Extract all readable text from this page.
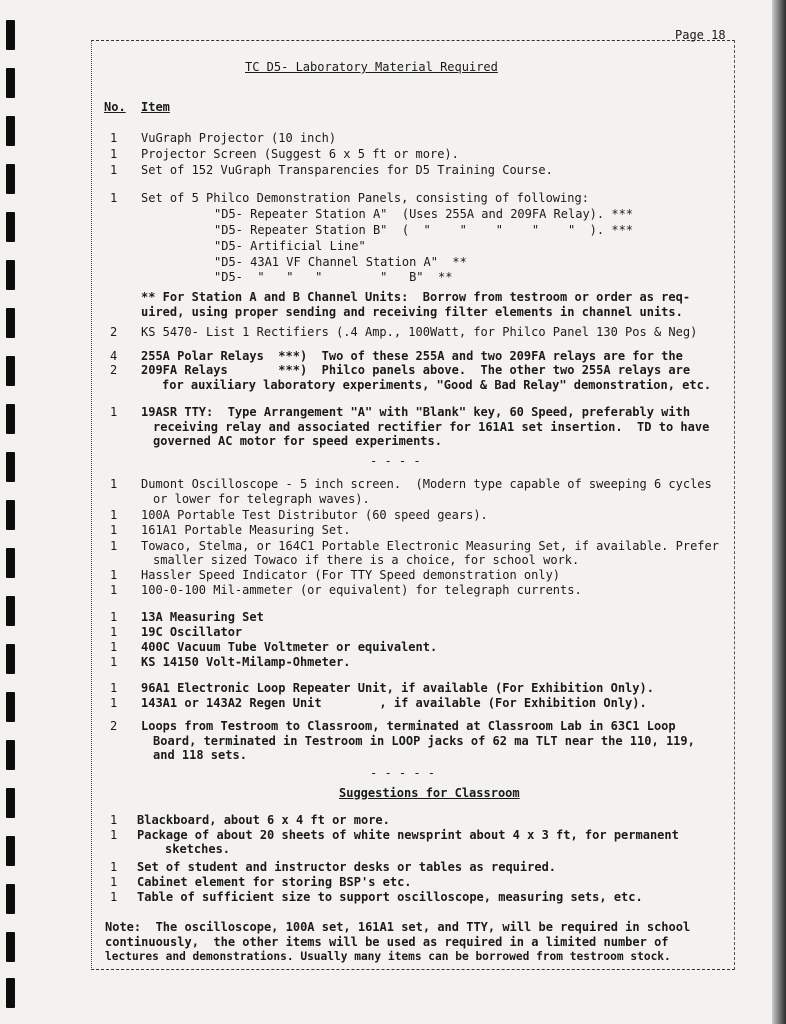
Page 18
TC D5- Laboratory Material Required
No. Item
1 VuGraph Projector (10 inch)
1 Projector Screen (Suggest 6 x 5 ft or more).
1 Set of 152 VuGraph Transparencies for D5 Training Course.
1 Set of 5 Philco Demonstration Panels, consisting of following:
"D5- Repeater Station A"  (Uses 255A and 209FA Relay). ***
"D5- Repeater Station B"  (  "    "    "    "    "  ). ***
"D5- Artificial Line"
"D5- 43A1 VF Channel Station A"  **
"D5-  "   "   "        "   B"  **
** For Station A and B Channel Units:  Borrow from testroom or order as req-
uired, using proper sending and receiving filter elements in channel units.
2 KS 5470- List 1 Rectifiers (.4 Amp., 100Watt, for Philco Panel 130 Pos & Neg)
4 255A Polar Relays  ***)  Two of these 255A and two 209FA relays are for the
2 209FA Relays       ***)  Philco panels above.  The other two 255A relays are
for auxiliary laboratory experiments, "Good & Bad Relay" demonstration, etc.
1 19ASR TTY:  Type Arrangement "A" with "Blank" key, 60 Speed, preferably with
receiving relay and associated rectifier for 161A1 set insertion.  TD to have
governed AC motor for speed experiments.
- - - -
1 Dumont Oscilloscope - 5 inch screen.  (Modern type capable of sweeping 6 cycles
or lower for telegraph waves).
1 100A Portable Test Distributor (60 speed gears).
1 161A1 Portable Measuring Set.
1 Towaco, Stelma, or 164C1 Portable Electronic Measuring Set, if available. Prefer
smaller sized Towaco if there is a choice, for school work.
1 Hassler Speed Indicator (For TTY Speed demonstration only)
1 100-0-100 Mil-ammeter (or equivalent) for telegraph currents.
1 13A Measuring Set
1 19C Oscillator
1 400C Vacuum Tube Voltmeter or equivalent.
1 KS 14150 Volt-Milamp-Ohmeter.
1 96A1 Electronic Loop Repeater Unit, if available (For Exhibition Only).
1 143A1 or 143A2 Regen Unit        , if available (For Exhibition Only).
2 Loops from Testroom to Classroom, terminated at Classroom Lab in 63C1 Loop
Board, terminated in Testroom in LOOP jacks of 62 ma TLT near the 110, 119,
and 118 sets.
- - - - -
Suggestions for Classroom
1 Blackboard, about 6 x 4 ft or more.
1 Package of about 20 sheets of white newsprint about 4 x 3 ft, for permanent
sketches.
1 Set of student and instructor desks or tables as required.
1 Cabinet element for storing BSP's etc.
1 Table of sufficient size to support oscilloscope, measuring sets, etc.
Note:  The oscilloscope, 100A set, 161A1 set, and TTY, will be required in school
continuously,  the other items will be used as required in a limited number of
lectures and demonstrations. Usually many items can be borrowed from testroom stock.
